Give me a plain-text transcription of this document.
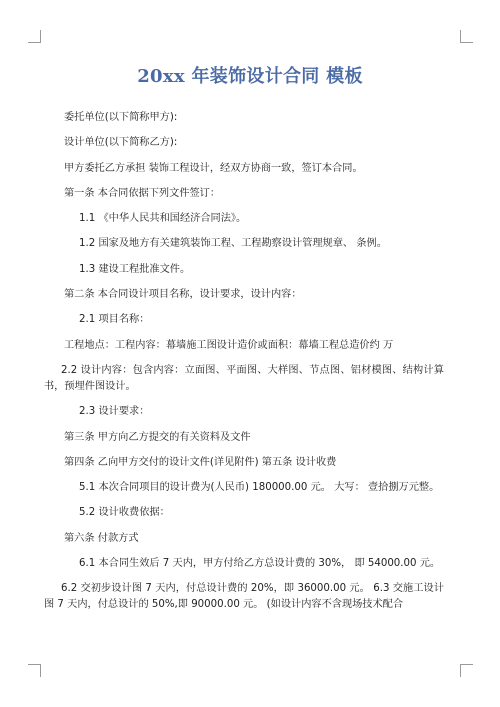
20xx 年装饰设计合同 模板

委托单位(以下简称甲方):

设计单位(以下简称乙方):

甲方委托乙方承担 装饰工程设计，经双方协商一致，签订本合同。

第一条 本合同依据下列文件签订：

1.1 《中华人民共和国经济合同法》。

1.2 国家及地方有关建筑装饰工程、工程勘察设计管理规章、 条例。

1.3 建设工程批准文件。

第二条 本合同设计项目名称，设计要求，设计内容：

2.1 项目名称：

工程地点：工程内容：幕墙施工图设计造价或面积：幕墙工程总造价约 万

2.2 设计内容：包含内容：立面图、平面图、大样图、节点图、铝材模图、结构计算书，预埋件图设计。

2.3 设计要求：

第三条 甲方向乙方提交的有关资料及文件

第四条 乙向甲方交付的设计文件(详见附件) 第五条 设计收费

5.1 本次合同项目的设计费为(人民币) 180000.00 元。 大写： 壹拾捌万元整。

5.2 设计收费依据：

第六条 付款方式

6.1 本合同生效后 7 天内，甲方付给乙方总设计费的 30%， 即 54000.00 元。

6.2 交初步设计图 7 天内，付总设计费的 20%，即 36000.00 元。 6.3 交施工设计图 7 天内，付总设计的 50%,即 90000.00 元。 (如设计内容不含现场技术配合
